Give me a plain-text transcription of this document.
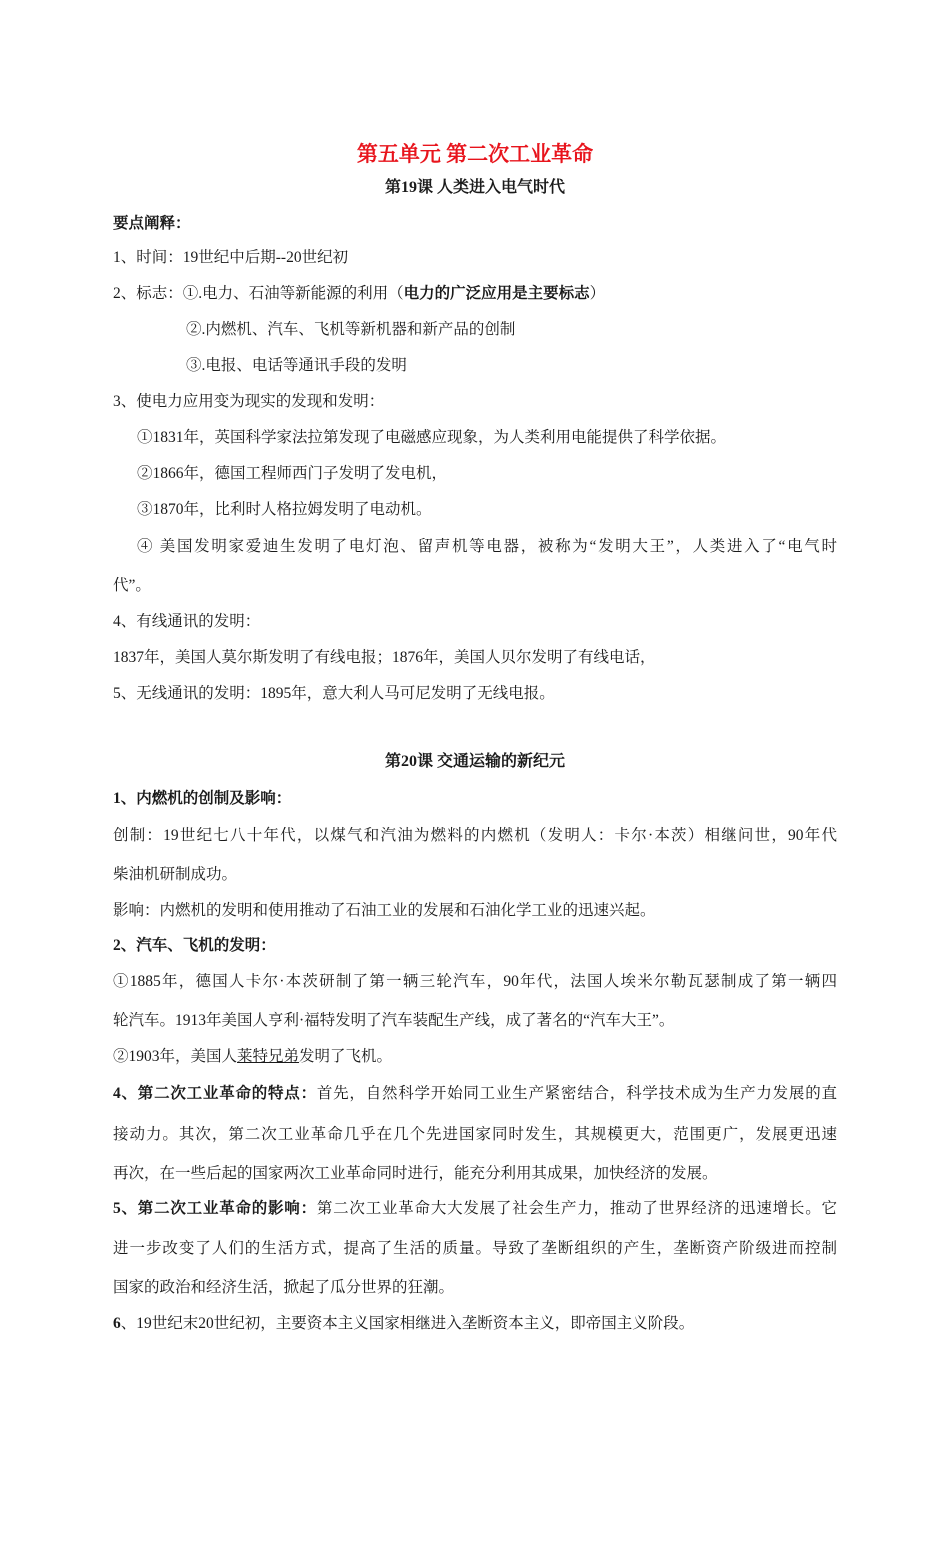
第五单元 第二次工业革命

第19课 人类进入电气时代

要点阐释：

1、时间：19世纪中后期--20世纪初

2、标志：①.电力、石油等新能源的利用（电力的广泛应用是主要标志）

②.内燃机、汽车、飞机等新机器和新产品的创制

③.电报、电话等通讯手段的发明

3、使电力应用变为现实的发现和发明：

①1831年，英国科学家法拉第发现了电磁感应现象，为人类利用电能提供了科学依据。

②1866年，德国工程师西门子发明了发电机，

③1870年，比利时人格拉姆发明了电动机。

④ 美国发明家爱迪生发明了电灯泡、留声机等电器，被称为“发明大王”，人类进入了“电气时

代”。

4、有线通讯的发明：

1837年，美国人莫尔斯发明了有线电报；1876年，美国人贝尔发明了有线电话，

5、无线通讯的发明：1895年，意大利人马可尼发明了无线电报。

第20课 交通运输的新纪元

1、内燃机的创制及影响：

创制：19世纪七八十年代，以煤气和汽油为燃料的内燃机（发明人：卡尔·本茨）相继问世，90年代

柴油机研制成功。

影响：内燃机的发明和使用推动了石油工业的发展和石油化学工业的迅速兴起。

2、汽车、飞机的发明：

①1885年，德国人卡尔·本茨研制了第一辆三轮汽车，90年代，法国人埃米尔勒瓦瑟制成了第一辆四

轮汽车。1913年美国人亨利·福特发明了汽车装配生产线，成了著名的“汽车大王”。

②1903年，美国人莱特兄弟发明了飞机。

4、第二次工业革命的特点：首先，自然科学开始同工业生产紧密结合，科学技术成为生产力发展的直

接动力。其次，第二次工业革命几乎在几个先进国家同时发生，其规模更大，范围更广，发展更迅速

再次，在一些后起的国家两次工业革命同时进行，能充分利用其成果，加快经济的发展。

5、第二次工业革命的影响：第二次工业革命大大发展了社会生产力，推动了世界经济的迅速增长。它

进一步改变了人们的生活方式，提高了生活的质量。导致了垄断组织的产生，垄断资产阶级进而控制

国家的政治和经济生活，掀起了瓜分世界的狂潮。

6、19世纪末20世纪初，主要资本主义国家相继进入垄断资本主义，即帝国主义阶段。
